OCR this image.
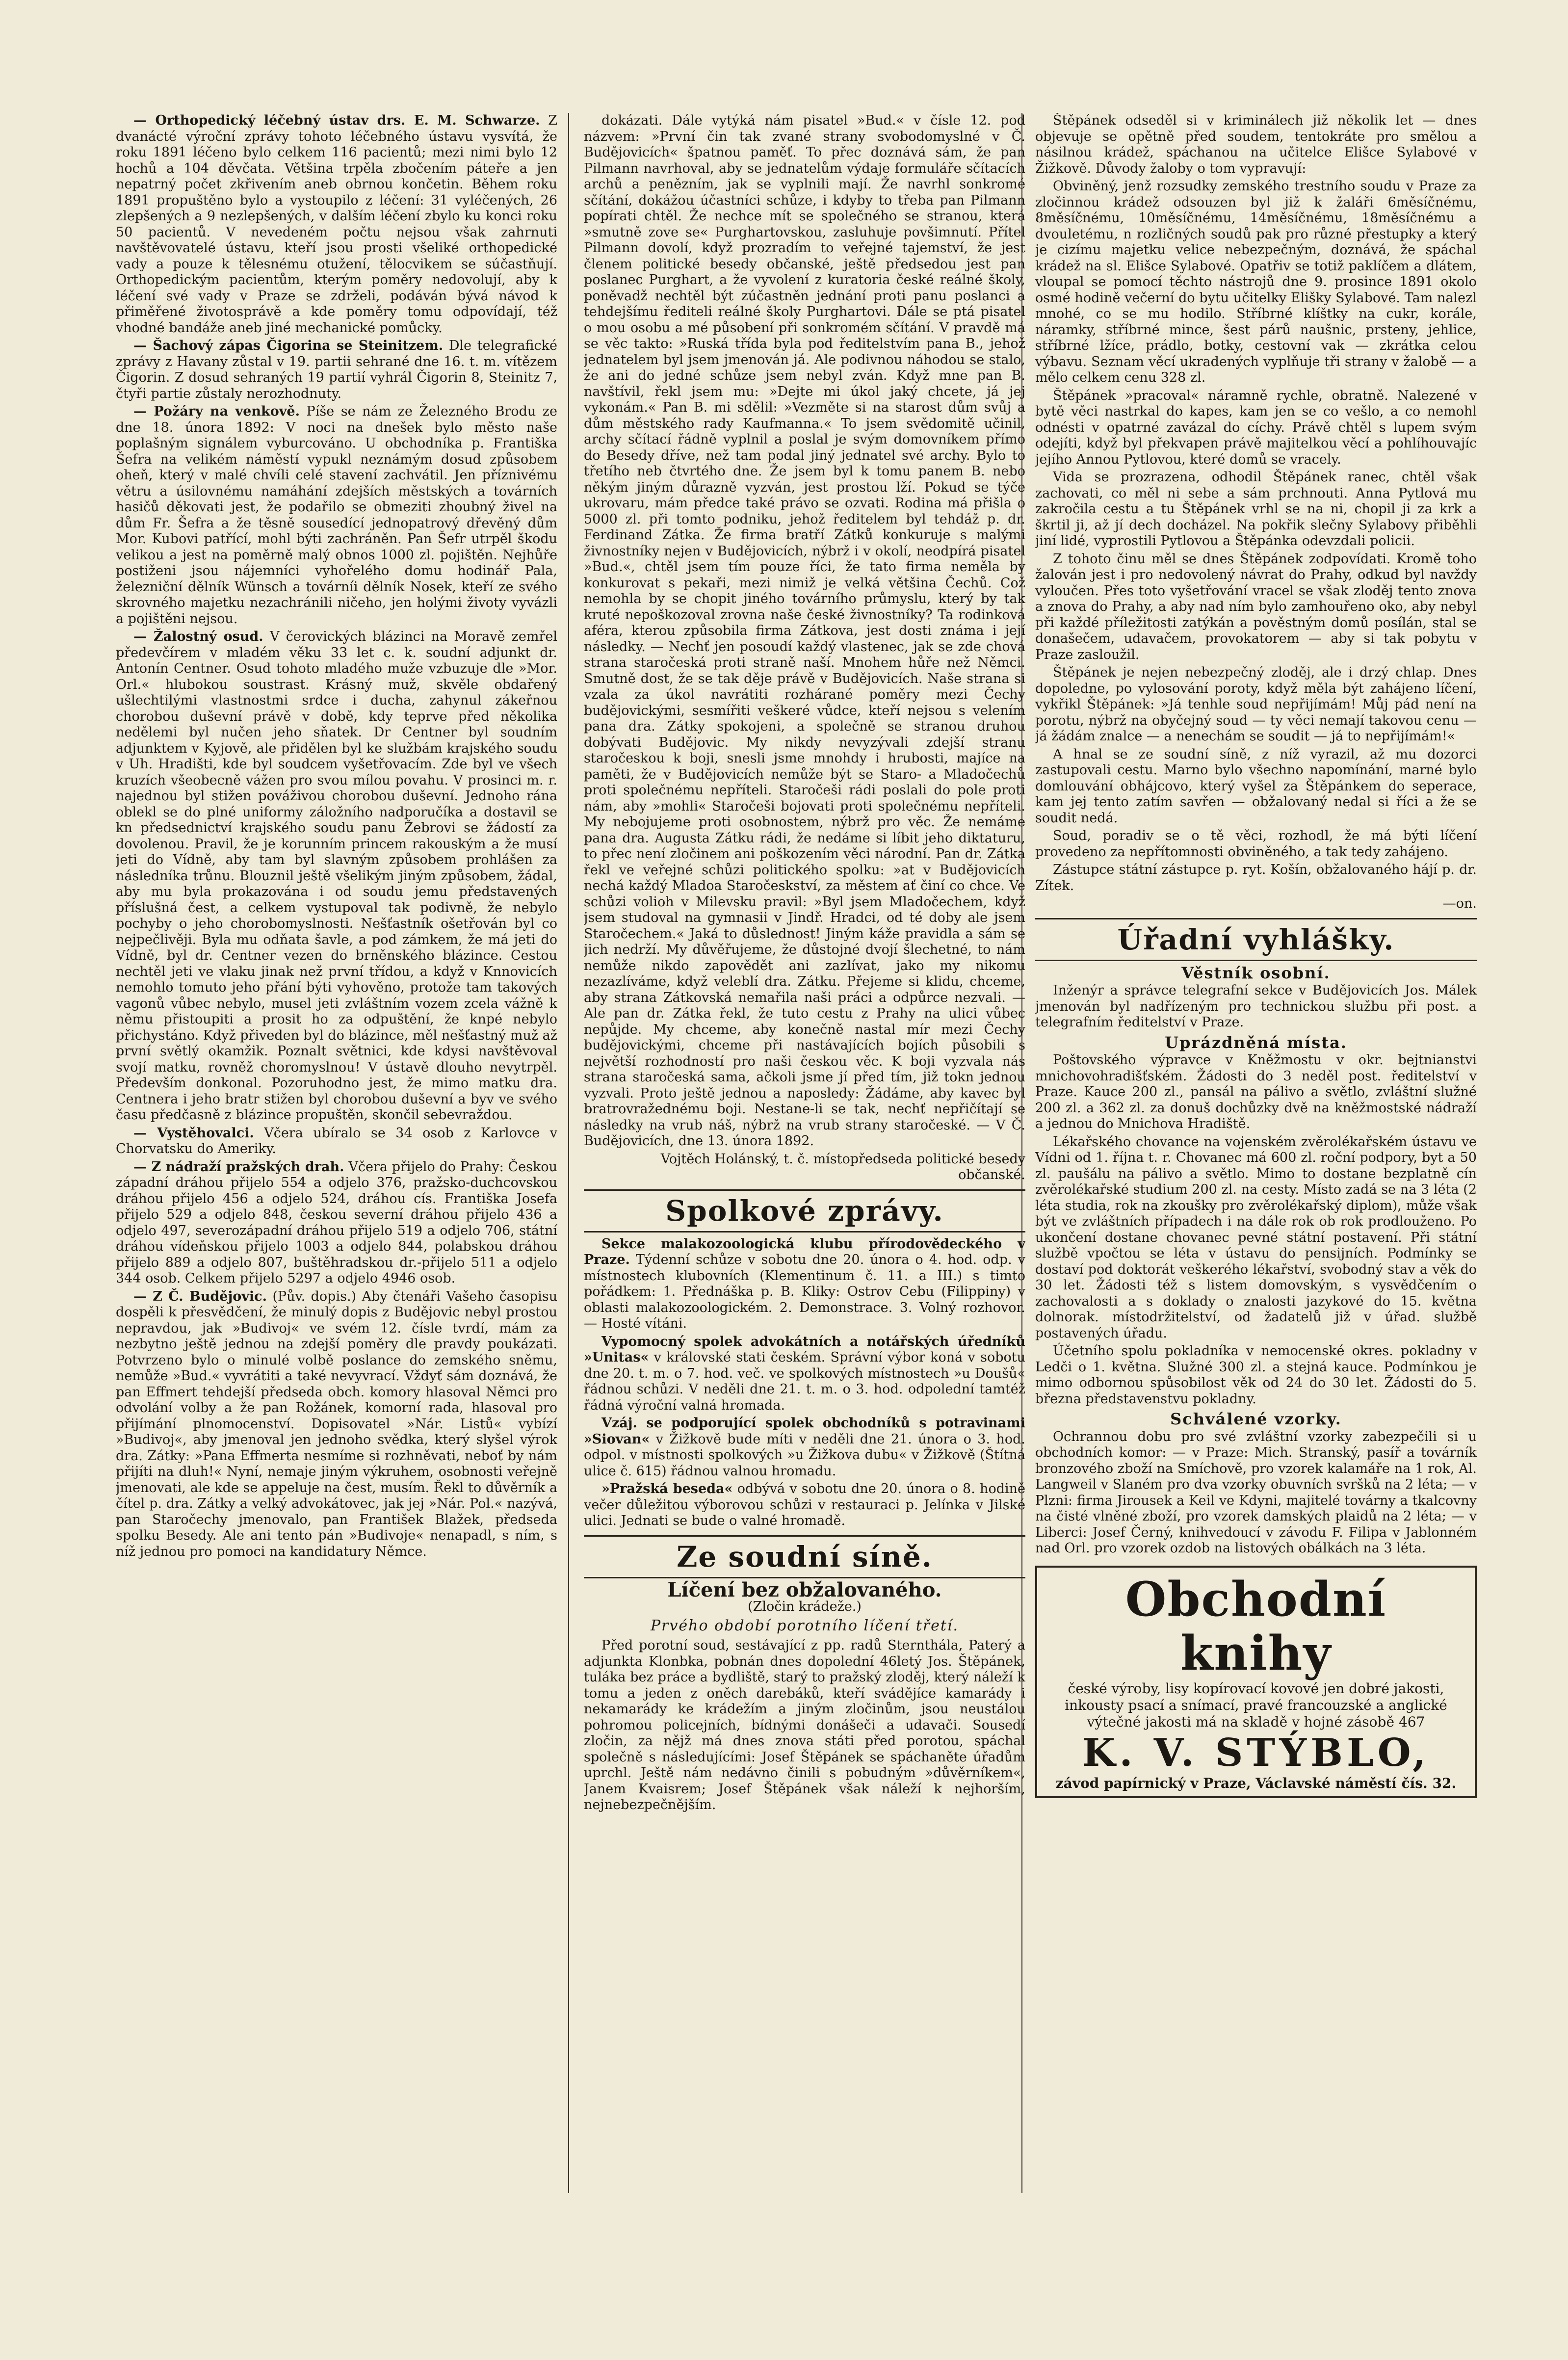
— Orthopedický léčebný ústav drs. E. M. Schwarze. Z dvanácté výroční zprávy tohoto léčebného ústavu vysvítá, že roku 1891 léčeno bylo celkem 116 pacientů; mezi nimi bylo 12 hochů a 104 děvčata. Většina trpěla zbočením páteře a jen nepatrný počet zkřivením aneb obrnou končetin. Během roku 1891 propuštěno bylo a vystoupilo z léčení: 31 vyléčených, 26 zlepšených a 9 nezlepšených, v dalším léčení zbylo ku konci roku 50 pacientů. V nevedeném počtu nejsou však zahrnuti navštěvovatelé ústavu, kteří jsou prosti všeliké orthopedické vady a pouze k tělesnému otužení, tělocvikem se súčastňují. Orthopedickým pacientům, kterým poměry nedovolují, aby k léčení své vady v Praze se zdrželi, podáván bývá návod k přiměřené životosprávě a kde poměry tomu odpovídají, též vhodné bandáže aneb jiné mechanické pomůcky.

— Šachový zápas Čigorina se Steinitzem. Dle telegrafické zprávy z Havany zůstal v 19. partii sehrané dne 16. t. m. vítězem Čigorin. Z dosud sehraných 19 partií vyhrál Čigorin 8, Steinitz 7, čtyři partie zůstaly nerozhodnuty.

— Požáry na venkově. Píše se nám ze Železného Brodu ze dne 18. února 1892: V noci na dnešek bylo město naše poplašným signálem vyburcováno. U obchodníka p. Františka Šefra na velikém náměstí vypukl neznámým dosud způsobem oheň, který v malé chvíli celé stavení zachvátil. Jen příznivému větru a úsilovnému namáhání zdejších městských a továrních hasičů děkovati jest, že podařilo se obmeziti zhoubný živel na dům Fr. Šefra a že těsně sousedící jednopatrový dřevěný dům Mor. Kubovi patřící, mohl býti zachráněn. Pan Šefr utrpěl škodu velikou a jest na poměrně malý obnos 1000 zl. pojištěn. Nejhůře postiženi jsou nájemníci vyhořelého domu hodinář Pala, železniční dělník Wünsch a továrníi dělník Nosek, kteří ze svého skrovného majetku nezachránili ničeho, jen holými životy vyvázli a pojištěni nejsou.

— Žalostný osud. V čerovických blázinci na Moravě zemřel předevčírem v mladém věku 33 let c. k. soudní adjunkt dr. Antonín Centner. Osud tohoto mladého muže vzbuzuje dle »Mor. Orl.« hlubokou soustrast. Krásný muž, skvěle obdařený ušlechtilými vlastnostmi srdce i ducha, zahynul zákeřnou chorobou duševní právě v době, kdy teprve před několika nedělemi byl nučen jeho sňatek. Dr Centner byl soudním adjunktem v Kyjově, ale přidělen byl ke službám krajského soudu v Uh. Hradišti, kde byl soudcem vyšetřovacím. Zde byl ve všech kruzích všeobecně vážen pro svou mílou povahu. V prosinci m. r. najednou byl stižen pováživou chorobou duševní. Jednoho rána oblekl se do plné uniformy záložního nadporučíka a dostavil se kn předsednictví krajského soudu panu Žebrovi se žádostí za dovolenou. Pravil, že je korunním princem rakouským a že musí jeti do Vídně, aby tam byl slavným způsobem prohlášen za následníka trůnu. Blouznil ještě všelikým jiným způsobem, žádal, aby mu byla prokazována i od soudu jemu představených příslušná čest, a celkem vystupoval tak podivně, že nebylo pochyby o jeho chorobomyslnosti. Nešťastník ošetřován byl co nejpečlivěji. Byla mu odňata šavle, a pod zámkem, že má jeti do Vídně, byl dr. Centner vezen do brněnského blázince. Cestou nechtěl jeti ve vlaku jinak než první třídou, a když v Knnovicích nemohlo tomuto jeho přání býti vyhověno, protože tam takových vagonů vůbec nebylo, musel jeti zvláštním vozem zcela vážně k němu přistoupiti a prosit ho za odpuštění, že knpé nebylo přichystáno. Když přiveden byl do blázince, měl nešťastný muž až první světlý okamžik. Poznalt světnici, kde kdysi navštěvoval svojí matku, rovněž choromyslnou! V ústavě dlouho nevytrpěl. Především donkonal. Pozoruhodno jest, že mimo matku dra. Centnera i jeho bratr stižen byl chorobou duševní a byv ve svého času předčasně z blázince propuštěn, skončil sebevraždou.

— Vystěhovalci. Včera ubíralo se 34 osob z Karlovce v Chorvatsku do Ameriky.

— Z nádraží pražských drah. Včera přijelo do Prahy: Českou západní dráhou přijelo 554 a odjelo 376, pražsko-duchcovskou dráhou přijelo 456 a odjelo 524, dráhou cís. Františka Josefa přijelo 529 a odjelo 848, českou severní dráhou přijelo 436 a odjelo 497, severozápadní dráhou přijelo 519 a odjelo 706, státní dráhou vídeňskou přijelo 1003 a odjelo 844, polabskou dráhou přijelo 889 a odjelo 807, buštěhradskou dr.-přijelo 511 a odjelo 344 osob. Celkem přijelo 5297 a odjelo 4946 osob.

— Z Č. Budějovic. (Pův. dopis.) Aby čtenáři Vašeho časopisu dospěli k přesvědčení, že minulý dopis z Budějovic nebyl prostou nepravdou, jak »Budivoj« ve svém 12. čísle tvrdí, mám za nezbytno ještě jednou na zdejší poměry dle pravdy poukázati. Potvrzeno bylo o minulé volbě poslance do zemského sněmu, nemůže »Bud.« vyvrátiti a také nevyvrací. Vždyť sám doznává, že pan Effmert tehdejší předseda obch. komory hlasoval Němci pro odvolání volby a že pan Rožánek, komorní rada, hlasoval pro přijímání plnomocenství. Dopisovatel »Nár. Listů« vybízí »Budivoj«, aby jmenoval jen jednoho svědka, který slyšel výrok dra. Zátky: »Pana Effmerta nesmíme si rozhněvati, neboť by nám přijíti na dluh!« Nyní, nemaje jiným výkruhem, osobnosti veřejně jmenovati, ale kde se appeluje na čest, musím. Řekl to důvěrník a čítel p. dra. Zátky a velký advokátovec, jak jej »Nár. Pol.« nazývá, pan Staročechy jmenovalo, pan František Blažek, předseda spolku Besedy. Ale ani tento pán »Budivoje« nenapadl, s ním, s níž jednou pro pomoci na kandidatury Němce.

dokázati. Dále vytýká nám pisatel »Bud.« v čísle 12. pod názvem: »První čin tak zvané strany svobodomyslné v Č. Budějovicích« špatnou paměť. To přec doznává sám, že pan Pilmann navrhoval, aby se jednatelům výdaje formuláře sčítacích archů a penězním, jak se vyplnili mají. Že navrhl sonkromé sčítání, dokážou účastníci schůze, i kdyby to třeba pan Pilmann popírati chtěl. Že nechce mít se společného se stranou, která »smutně zove se« Purghartovskou, zasluhuje povšimnutí. Přítel Pilmann dovolí, když prozradím to veřejné tajemství, že jest členem politické besedy občanské, ještě předsedou jest pan poslanec Purghart, a že vyvolení z kuratoria české reálné školy, poněvadž nechtěl být zúčastněn jednání proti panu poslanci a tehdejšímu řediteli reálné školy Purghartovi. Dále se ptá pisatel o mou osobu a mé působení při sonkromém sčítání. V pravdě má se věc takto: »Ruská třída byla pod ředitelstvím pana B., jehož jednatelem byl jsem jmenován já. Ale podivnou náhodou se stalo, že ani do jedné schůze jsem nebyl zván. Když mne pan B. navštívil, řekl jsem mu: »Dejte mi úkol jaký chcete, já jej vykonám.« Pan B. mi sdělil: »Vezměte si na starost dům svůj a dům městského rady Kaufmanna.« To jsem svědomitě učinil, archy sčítací řádně vyplnil a poslal je svým domovníkem přímo do Besedy dříve, než tam podal jiný jednatel své archy. Bylo to třetího neb čtvrtého dne. Že jsem byl k tomu panem B. nebo někým jiným důrazně vyzván, jest prostou lží. Pokud se týče ukrovaru, mám předce také právo se ozvati. Rodina má přišla o 5000 zl. při tomto podniku, jehož ředitelem byl tehdáž p. dr. Ferdinand Zátka. Že firma bratří Zátků konkuruje s malými živnostníky nejen v Budějovicích, nýbrž i v okolí, neodpírá pisatel »Bud.«, chtěl jsem tím pouze říci, že tato firma neměla by konkurovat s pekaři, mezi nimiž je velká většina Čechů. Což nemohla by se chopit jiného továrního průmyslu, který by tak kruté nepoškozoval zrovna naše české živnostníky? Ta rodinková aféra, kterou způsobila firma Zátkova, jest dosti známa i její následky. — Nechť jen posoudí každý vlastenec, jak se zde chová strana staročeská proti straně naší. Mnohem hůře než Němci. Smutně dost, že se tak děje právě v Budějovicích. Naše strana si vzala za úkol navrátiti rozhárané poměry mezi Čechy budějovickými, sesmířiti veškeré vůdce, kteří nejsou s velením pana dra. Zátky spokojeni, a společně se stranou druhou dobývati Budějovic. My nikdy nevyzývali zdejší stranu staročeskou k boji, snesli jsme mnohdy i hrubosti, majíce na paměti, že v Budějovicích nemůže být se Staro- a Mladočechů proti společnému nepříteli. Staročeši rádi poslali do pole proti nám, aby »mohli« Staročeši bojovati proti společnému nepříteli. My nebojujeme proti osobnostem, nýbrž pro věc. Že nemáme pana dra. Augusta Zátku rádi, že nedáme si líbit jeho diktaturu, to přec není zločinem ani poškozením věci národní. Pan dr. Zátka řekl ve veřejné schůzi politického spolku: »at v Budějovicích nechá každý Mladoa Staročeskství, za městem ať činí co chce. Ve schůzi volioh v Milevsku pravil: »Byl jsem Mladočechem, když jsem studoval na gymnasii v Jindř. Hradci, od té doby ale jsem Staročechem.« Jaká to důslednost! Jiným káže pravidla a sám se jich nedrží. My důvěřujeme, že důstojné dvojí šlechetné, to nám nemůže nikdo zapovědět ani zazlívat, jako my nikomu nezazlíváme, když veleblí dra. Zátku. Přejeme si klidu, chceme, aby strana Zátkovská nemařila naši práci a odpůrce nezvali. — Ale pan dr. Zátka řekl, že tuto cestu z Prahy na ulici vůbec nepůjde. My chceme, aby konečně nastal mír mezi Čechy budějovickými, chceme při nastávajících bojích působili s největší rozhodností pro naši českou věc. K boji vyzvala nás strana staročeská sama, ačkoli jsme jí před tím, již tokn jednou vyzvali. Proto ještě jednou a naposledy: Žádáme, aby kavec byl bratrovražednému boji. Nestane-li se tak, nechť nepřičítají se následky na vrub náš, nýbrž na vrub strany staročeské. — V Č. Budějovicích, dne 13. února 1892.

Vojtěch Holánský, t. č. místopředseda politické besedy občanské.

Spolkové zprávy.

Sekce malakozoologická klubu přírodovědeckého v Praze. Týdenní schůze v sobotu dne 20. února o 4. hod. odp. v místnostech klubovních (Klementinum č. 11. a III.) s timto pořádkem: 1. Přednáška p. B. Kliky: Ostrov Cebu (Filippiny) v oblasti malakozoologickém. 2. Demonstrace. 3. Volný rozhovor. — Hosté vítáni.

Vypomocný spolek advokátních a notářských úředníků »Unitas« v královské stati českém. Správní výbor koná v sobotu dne 20. t. m. o 7. hod. več. ve spolkových místnostech »u Doušů« řádnou schůzi. V neděli dne 21. t. m. o 3. hod. odpolední tamtéž řádná výroční valná hromada.

Vzáj. se podporující spolek obchodníků s potravinami »Siovan« v Žižkově bude míti v neděli dne 21. února o 3. hod. odpol. v místnosti spolkových »u Žižkova dubu« v Žižkově (Štítná ulice č. 615) řádnou valnou hromadu.

»Pražská beseda« odbývá v sobotu dne 20. února o 8. hodině večer důležitou výborovou schůzi v restauraci p. Jelínka v Jilské ulici. Jednati se bude o valné hromadě.

Ze soudní síně.
Líčení bez obžalovaného.
(Zločin krádeže.)
Prvého období porotního líčení třetí.

Před porotní soud, sestávající z pp. radů Sternthála, Paterý a adjunkta Klonbka, pobnán dnes dopolední 46letý Jos. Štěpánek, tuláka bez práce a bydliště, starý to pražský zloděj, který náleží k tomu a jeden z oněch darebáků, kteří svádějíce kamarády i nekamarády ke krádežím a jiným zločinům, jsou neustálou pohromou policejních, bídnými donášeči a udavači. Sousedí zločin, za nějž má dnes znova státi před porotou, spáchal společně s následujícími: Josef Štěpánek se spáchaněte úřadům uprchl. Ještě nám nedávno činili s pobudným »důvěrníkem«, Janem Kvaisrem; Josef Štěpánek však náleží k nejhorším, nejnebezpečnějším.

Štěpánek odseděl si v kriminálech již několik let — dnes objevuje se opětně před soudem, tentokráte pro smělou a násilnou krádež, spáchanou na učitelce Elišce Sylabové v Žižkově. Důvody žaloby o tom vypravují:

Obviněný, jenž rozsudky zemského trestního soudu v Praze za zločinnou krádež odsouzen byl již k žaláři 6měsíčnému, 8měsíčnému, 10měsíčnému, 14měsíčnému, 18měsíčnému a dvouletému, n rozličných soudů pak pro různé přestupky a který je cizímu majetku velice nebezpečným, doznává, že spáchal krádež na sl. Elišce Sylabové. Opatřiv se totiž paklíčem a dlátem, vloupal se pomocí těchto nástrojů dne 9. prosince 1891 okolo osmé hodině večerní do bytu učitelky Elišky Sylabové. Tam nalezl mnohé, co se mu hodilo. Stříbrné klíštky na cukr, korále, náramky, stříbrné mince, šest párů naušnic, prsteny, jehlice, stříbrné lžíce, prádlo, botky, cestovní vak — zkrátka celou výbavu. Seznam věcí ukradených vyplňuje tři strany v žalobě — a mělo celkem cenu 328 zl.

Štěpánek »pracoval« náramně rychle, obratně. Nalezené v bytě věci nastrkal do kapes, kam jen se co vešlo, a co nemohl odnésti v opatrné zavázal do cíchy. Právě chtěl s lupem svým odejíti, když byl překvapen právě majitelkou věcí a pohlíhouvajíc jejího Annou Pytlovou, které domů se vracely.

Vida se prozrazena, odhodil Štěpánek ranec, chtěl však zachovati, co měl ni sebe a sám prchnouti. Anna Pytlová mu zakročila cestu a tu Štěpánek vrhl se na ni, chopil ji za krk a škrtil ji, až jí dech docházel. Na pokřik slečny Sylabovy přiběhli jiní lidé, vyprostili Pytlovou a Štěpánka odevzdali policii.

Z tohoto činu měl se dnes Štěpánek zodpovídati. Kromě toho žalován jest i pro nedovolený návrat do Prahy, odkud byl navždy vyloučen. Přes toto vyšetřování vracel se však zloděj tento znova a znova do Prahy, a aby nad ním bylo zamhouřeno oko, aby nebyl při každé příležitosti zatýkán a pověstným domů posílán, stal se donašečem, udavačem, provokatorem — aby si tak pobytu v Praze zasloužil.

Štěpánek je nejen nebezpečný zloděj, ale i drzý chlap. Dnes dopoledne, po vylosování poroty, když měla být zahájeno líčení, vykřikl Štěpánek: »Já tenhle soud nepřijímám! Můj pád není na porotu, nýbrž na obyčejný soud — ty věci nemají takovou cenu — já žádám znalce — a nenechám se soudit — já to nepřijímám!«

A hnal se ze soudní síně, z níž vyrazil, až mu dozorci zastupovali cestu. Marno bylo všechno napomínání, marné bylo domlouvání obhájcovo, který vyšel za Štěpánkem do seperace, kam jej tento zatím savřen — obžalovaný nedal si říci a že se soudit nedá.

Soud, poradiv se o tě věci, rozhodl, že má býti líčení provedeno za nepřítomnosti obviněného, a tak tedy zahájeno.

Zástupce státní zástupce p. ryt. Košín, obžalovaného hájí p. dr. Zítek.

—on.

Úřadní vyhlášky.
Věstník osobní.

Inženýr a správce telegrafní sekce v Budějovicích Jos. Málek jmenován byl nadřízeným pro technickou službu při post. a telegrafním ředitelství v Praze.

Uprázdněná místa.

Poštovského výpravce v Kněžmostu v okr. bejtnianstvi mnichovohradišťském. Žádosti do 3 neděl post. ředitelství v Praze. Kauce 200 zl., pansál na pálivo a světlo, zvláštní služné 200 zl. a 362 zl. za donuš dochůzky dvě na kněžmostské nádraží a jednou do Mnichova Hradiště.

Lékařského chovance na vojenském zvěrolékařském ústavu ve Vídni od 1. října t. r. Chovanec má 600 zl. roční podpory, byt a 50 zl. paušálu na pálivo a světlo. Mimo to dostane bezplatně cín zvěrolékařské studium 200 zl. na cesty. Místo zadá se na 3 léta (2 léta studia, rok na zkoušky pro zvěrolékařský diplom), může však být ve zvláštních případech i na dále rok ob rok prodlouženo. Po ukončení dostane chovanec pevné státní postavení. Při státní službě vpočtou se léta v ústavu do pensijních. Podmínky se dostaví pod doktorát veškerého lékařství, svobodný stav a věk do 30 let. Žádosti též s listem domovským, s vysvědčením o zachovalosti a s doklady o znalosti jazykové do 15. května dolnorak. místodržitelství, od žadatelů již v úřad. službě postavených úřadu.

Účetního spolu pokladníka v nemocenské okres. pokladny v Ledči o 1. května. Služné 300 zl. a stejná kauce. Podmínkou je mimo odbornou spůsobilost věk od 24 do 30 let. Žádosti do 5. března představenstvu pokladny.

Schválené vzorky.

Ochrannou dobu pro své zvláštní vzorky zabezpečili si u obchodních komor: — v Praze: Mich. Stranský, pasíř a továrník bronzového zboží na Smíchově, pro vzorek kalamáře na 1 rok, Al. Langweil v Slaném pro dva vzorky obuvních svršků na 2 léta; — v Plzni: firma Jirousek a Keil ve Kdyni, majitelé továrny a tkalcovny na čisté vlněné zboží, pro vzorek damských plaidů na 2 léta; — v Liberci: Josef Černý, knihvedoucí v závodu F. Filipa v Jablonném nad Orl. pro vzorek ozdob na listových obálkách na 3 léta.

Obchodní knihy
české výroby, lisy kopírovací kovové jen dobré jakosti, inkousty psací a snímací, pravé francouzské a anglické výtečné jakosti má na skladě v hojné zásobě 467
K. V. STÝBLO,
závod papírnický v Praze, Václavské náměstí čís. 32.
